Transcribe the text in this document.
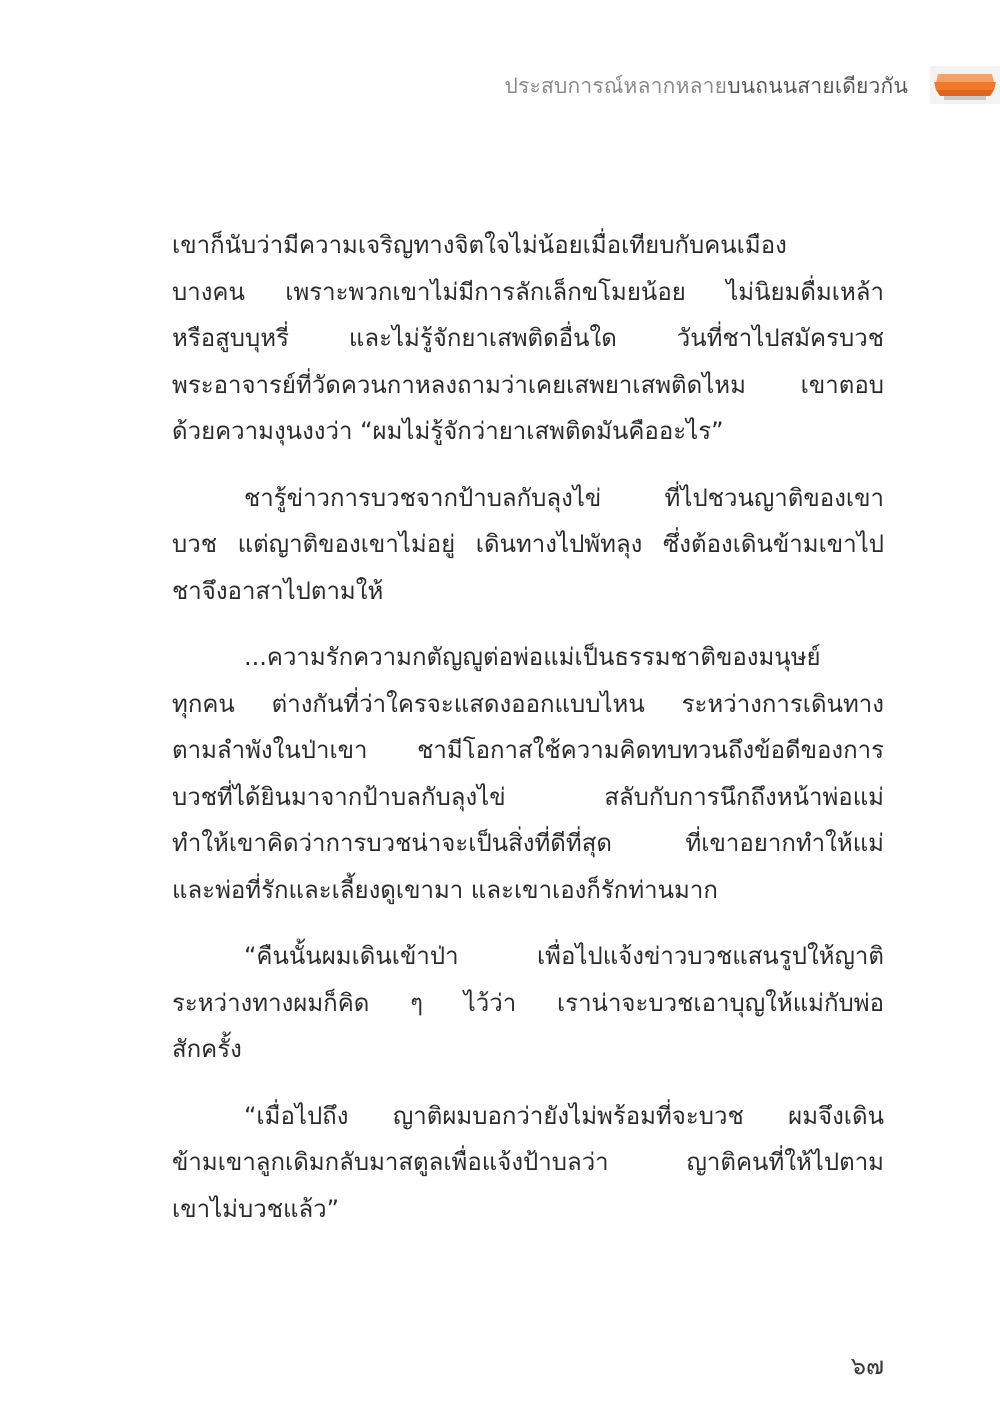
ประสบการณ์หลากหลายบนถนนสายเดียวกัน

เขาก็นับว่ามีความเจริญทางจิตใจไม่น้อยเมื่อเทียบกับคนเมือง
บางคน เพราะพวกเขาไม่มีการลักเล็กขโมยน้อย ไม่นิยมดื่มเหล้า
หรือสูบบุหรี่ และไม่รู้จักยาเสพติดอื่นใด วันที่ชาไปสมัครบวช
พระอาจารย์ที่วัดควนกาหลงถามว่าเคยเสพยาเสพติดไหม เขาตอบ
ด้วยความงุนงงว่า “ผมไม่รู้จักว่ายาเสพติดมันคืออะไร”

ชารู้ข่าวการบวชจากป้าบลกับลุงไข่ ที่ไปชวนญาติของเขา
บวช แต่ญาติของเขาไม่อยู่ เดินทางไปพัทลุง ซึ่งต้องเดินข้ามเขาไป
ชาจึงอาสาไปตามให้

...ความรักความกตัญญูต่อพ่อแม่เป็นธรรมชาติของมนุษย์
ทุกคน ต่างกันที่ว่าใครจะแสดงออกแบบไหน ระหว่างการเดินทาง
ตามลำพังในป่าเขา ชามีโอกาสใช้ความคิดทบทวนถึงข้อดีของการ
บวชที่ได้ยินมาจากป้าบลกับลุงไข่ สลับกับการนึกถึงหน้าพ่อแม่
ทำให้เขาคิดว่าการบวชน่าจะเป็นสิ่งที่ดีที่สุด ที่เขาอยากทำให้แม่
และพ่อที่รักและเลี้ยงดูเขามา และเขาเองก็รักท่านมาก

“คืนนั้นผมเดินเข้าป่า เพื่อไปแจ้งข่าวบวชแสนรูปให้ญาติ
ระหว่างทางผมก็คิด ๆ ไว้ว่า เราน่าจะบวชเอาบุญให้แม่กับพ่อ
สักครั้ง

“เมื่อไปถึง ญาติผมบอกว่ายังไม่พร้อมที่จะบวช ผมจึงเดิน
ข้ามเขาลูกเดิมกลับมาสตูลเพื่อแจ้งป้าบลว่า ญาติคนที่ให้ไปตาม
เขาไม่บวชแล้ว”

๖๗
